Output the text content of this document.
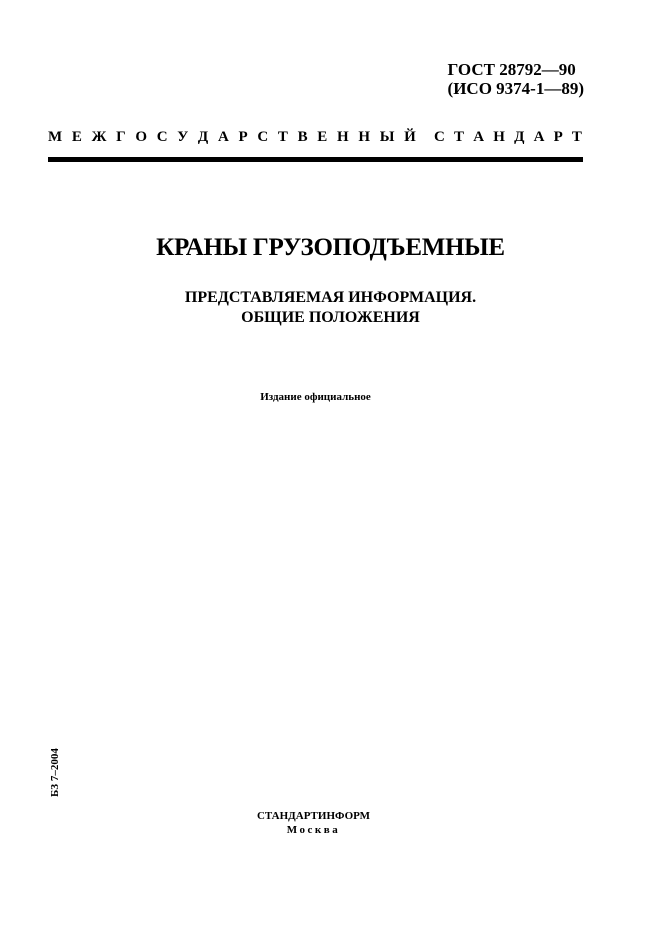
ГОСТ 28792—90
(ИСО 9374-1—89)
М Е Ж Г О С У Д А Р С Т В Е Н Н Ы Й С Т А Н Д А Р Т
КРАНЫ ГРУЗОПОДЪЕМНЫЕ
ПРЕДСТАВЛЯЕМАЯ ИНФОРМАЦИЯ.
ОБЩИЕ ПОЛОЖЕНИЯ
Издание официальное
БЗ 7–2004
СТАНДАРТИНФОРМ
Москва
